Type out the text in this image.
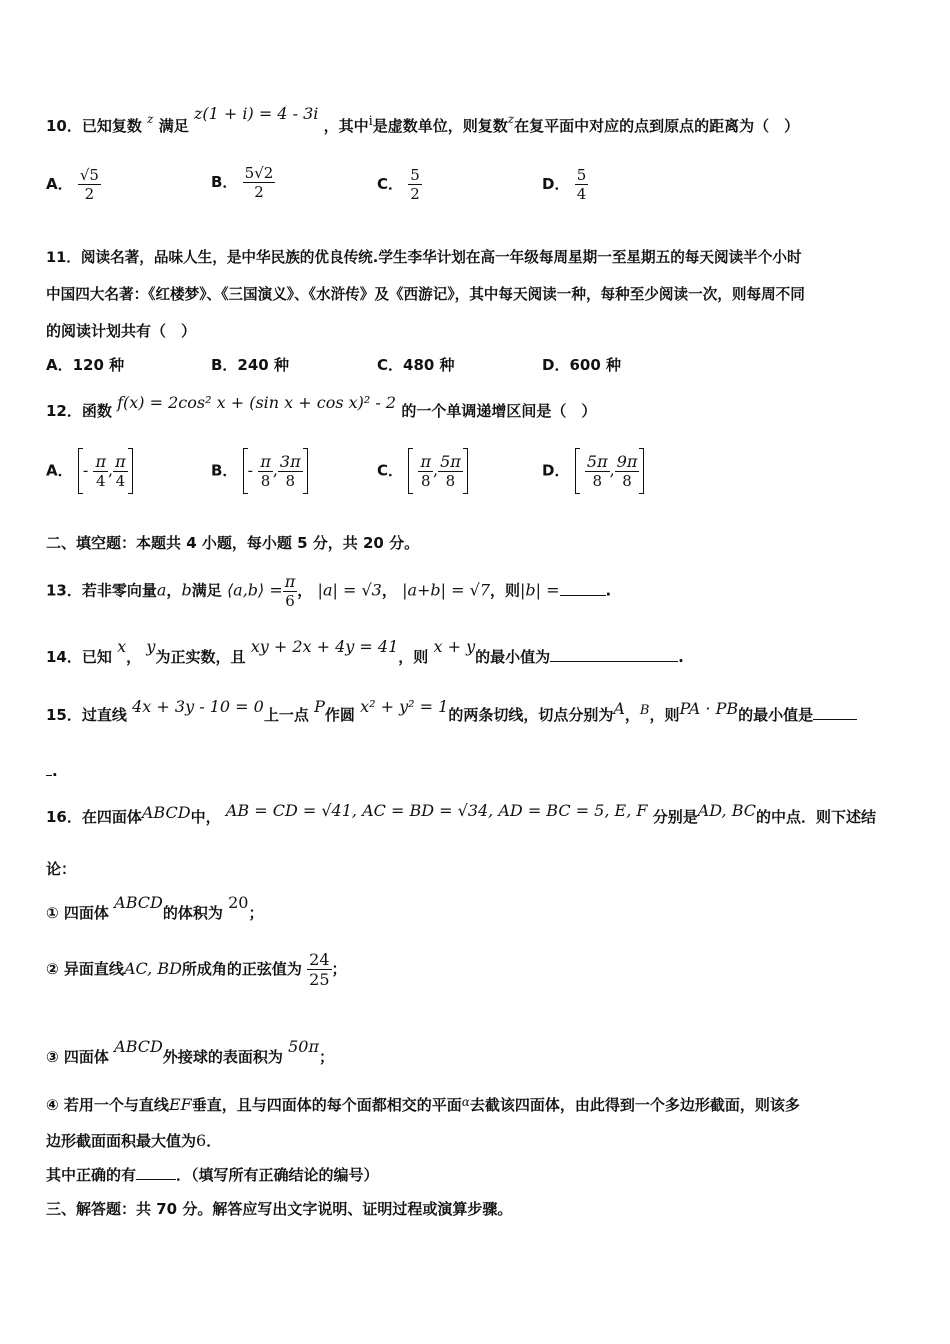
10．已知复数 $^z$ 满足 z(1 + i) = 4 - 3i ，其中i是虚数单位，则复数$^z$在复平面中对应的点到原点的距离为（　）
A． $\frac{√5}{2}$	B． $\frac{5√2}{2}$	C． $\frac{5}{2}$	D． $\frac{5}{4}$
11．阅读名著，品味人生，是中华民族的优良传统.学生李华计划在高一年级每周星期一至星期五的每天阅读半个小时
中国四大名著：《红楼梦》、《三国演义》、《水浒传》及《西游记》，其中每天阅读一种，每种至少阅读一次，则每周不同
的阅读计划共有（　）
A．120 种	B．240 种	C．480 种	D．600 种
12．函数 f(x) = 2cos² x + (sin x + cos x)² - 2 的一个单调递增区间是（　）
A． - $\frac{\pi}{4}$ , $\frac{\pi}{4}$	B． - $\frac{\pi}{8}$ , $\frac{3\pi}{8}$	C． $\frac{\pi}{8}$ , $\frac{5\pi}{8}$	D． $\frac{5\pi}{8}$ , $\frac{9\pi}{8}$
二、填空题：本题共 4 小题，每小题 5 分，共 20 分。
13．若非零向量a，b满足 ⟨a,b⟩ = $\frac{\pi}{6}$ ， |a| = √3， |a+b| = √7，则|b| =	.
14．已知 x， y为正实数，且 xy + 2x + 4y = 41，则 x + y的最小值为	.
15．过直线 4x + 3y - 10 = 0上一点 P作圆 x² + y² = 1的两条切线，切点分别为A，B，则PA · PB的最小值是
.
16．在四面体ABCD中， AB = CD = √41, AC = BD = √34, AD = BC = 5, E, F 分别是AD, BC的中点．则下述结
论：
① 四面体 ABCD的体积为 20；
② 异面直线AC, BD所成角的正弦值为 $\frac{24}{25}$ ；
③ 四面体 ABCD外接球的表面积为 50π；
④ 若用一个与直线EF垂直，且与四面体的每个面都相交的平面$^\alpha$去截该四面体，由此得到一个多边形截面，则该多
边形截面面积最大值为6．
其中正确的有	．（填写所有正确结论的编号）
三、解答题：共 70 分。解答应写出文字说明、证明过程或演算步骤。
